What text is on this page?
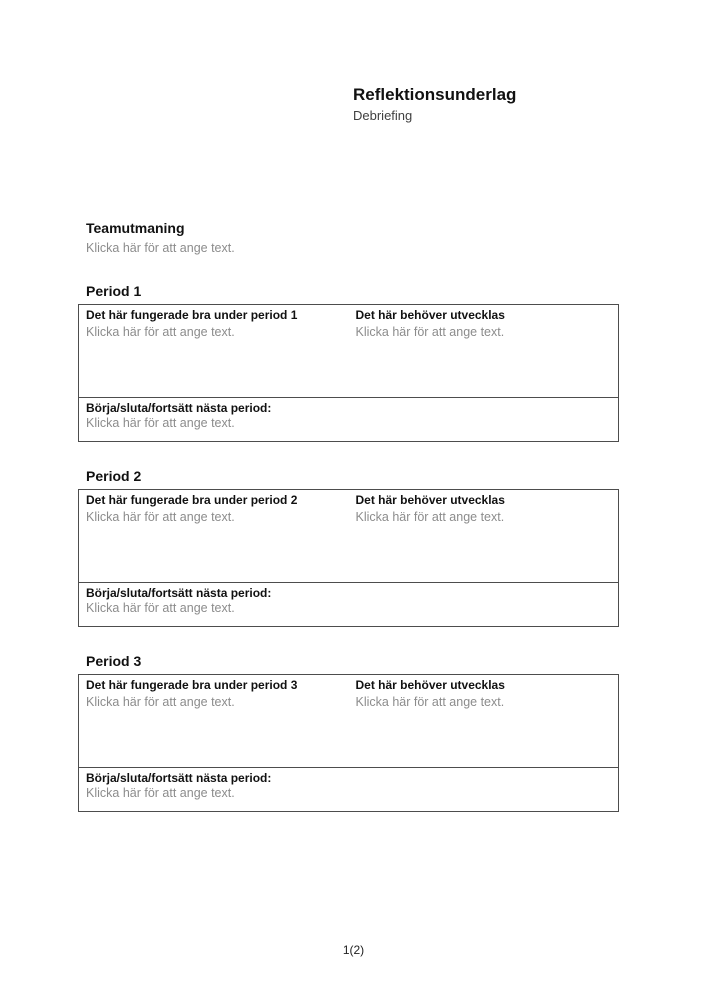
Reflektionsunderlag
Debriefing
Teamutmaning
Klicka här för att ange text.
Period 1
Det här fungerade bra under period 1
Klicka här för att ange text.
Det här behöver utvecklas
Klicka här för att ange text.
Börja/sluta/fortsätt nästa period:
Klicka här för att ange text.
Period 2
Det här fungerade bra under period 2
Klicka här för att ange text.
Det här behöver utvecklas
Klicka här för att ange text.
Börja/sluta/fortsätt nästa period:
Klicka här för att ange text.
Period 3
Det här fungerade bra under period 3
Klicka här för att ange text.
Det här behöver utvecklas
Klicka här för att ange text.
Börja/sluta/fortsätt nästa period:
Klicka här för att ange text.
1(2)
